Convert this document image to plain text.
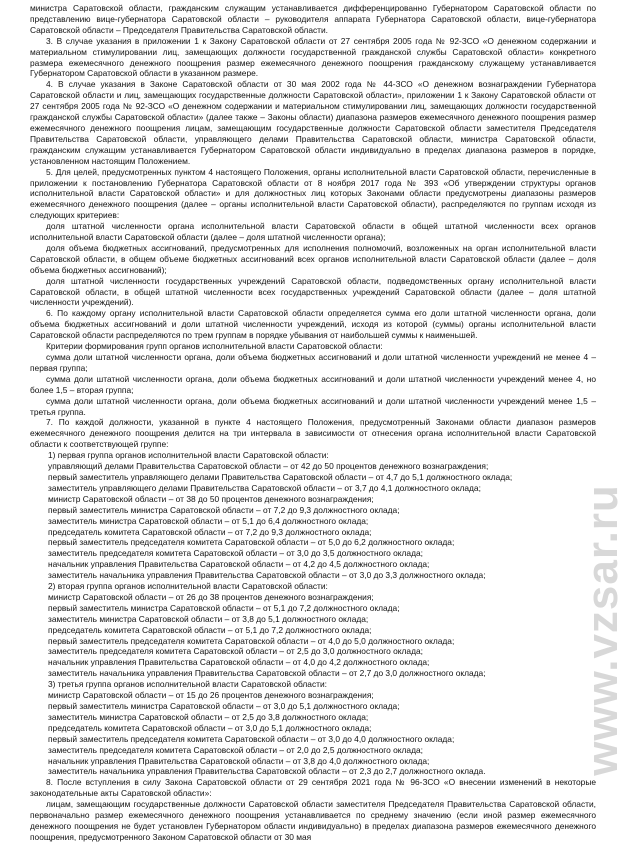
министра Саратовской области, гражданским служащим устанавливается дифференцированно Губернатором Саратовской области по представлению вице-губернатора Саратовской области – руководителя аппарата Губернатора Саратовской области, вице-губернатора Саратовской области – Председателя Правительства Саратовской области.

3. В случае указания в приложении 1 к Закону Саратовской области от 27 сентября 2005 года № 92-ЗСО «О денежном содержании и материальном стимулировании лиц, замещающих должности государственной гражданской службы Саратовской области» конкретного размера ежемесячного денежного поощрения размер ежемесячного денежного поощрения гражданскому служащему устанавливается Губернатором Саратовской области в указанном размере.

4. В случае указания в Законе Саратовской области от 30 мая 2002 года № 44-ЗСО «О денежном вознаграждении Губернатора Саратовской области и лиц, замещающих государственные должности Саратовской области», приложении 1 к Закону Саратовской области от 27 сентября 2005 года № 92-ЗСО «О денежном содержании и материальном стимулировании лиц, замещающих должности государственной гражданской службы Саратовской области» (далее также – Законы области) диапазона размеров ежемесячного денежного поощрения размер ежемесячного денежного поощрения лицам, замещающим государственные должности Саратовской области заместителя Председателя Правительства Саратовской области, управляющего делами Правительства Саратовской области, министра Саратовской области, гражданским служащим устанавливается Губернатором Саратовской области индивидуально в пределах диапазона размеров в порядке, установленном настоящим Положением.

5. Для целей, предусмотренных пунктом 4 настоящего Положения, органы исполнительной власти Саратовской области, перечисленные в приложении к постановлению Губернатора Саратовской области от 8 ноября 2017 года № 393 «Об утверждении структуры органов исполнительной власти Саратовской области» и для должностных лиц которых Законами области предусмотрены диапазоны размеров ежемесячного денежного поощрения (далее – органы исполнительной власти Саратовской области), распределяются по группам исходя из следующих критериев:

доля штатной численности органа исполнительной власти Саратовской области в общей штатной численности всех органов исполнительной власти Саратовской области (далее – доля штатной численности органа);

доля объема бюджетных ассигнований, предусмотренных для исполнения полномочий, возложенных на орган исполнительной власти Саратовской области, в общем объеме бюджетных ассигнований всех органов исполнительной власти Саратовской области (далее – доля объема бюджетных ассигнований);

доля штатной численности государственных учреждений Саратовской области, подведомственных органу исполнительной власти Саратовской области, в общей штатной численности всех государственных учреждений Саратовской области (далее – доля штатной численности учреждений).

6. По каждому органу исполнительной власти Саратовской области определяется сумма его доли штатной численности органа, доли объема бюджетных ассигнований и доли штатной численности учреждений, исходя из которой (суммы) органы исполнительной власти Саратовской области распределяются по трем группам в порядке убывания от наибольшей суммы к наименьшей.

Критерии формирования групп органов исполнительной власти Саратовской области:

сумма доли штатной численности органа, доли объема бюджетных ассигнований и доли штатной численности учреждений не менее 4 – первая группа;

сумма доли штатной численности органа, доли объема бюджетных ассигнований и доли штатной численности учреждений менее 4, но более 1,5 – вторая группа;

сумма доли штатной численности органа, доли объема бюджетных ассигнований и доли штатной численности учреждений менее 1,5 – третья группа.

7. По каждой должности, указанной в пункте 4 настоящего Положения, предусмотренный Законами области диапазон размеров ежемесячного денежного поощрения делится на три интервала в зависимости от отнесения органа исполнительной власти Саратовской области к соответствующей группе:

1) первая группа органов исполнительной власти Саратовской области:

управляющий делами Правительства Саратовской области – от 42 до 50 процентов денежного вознаграждения;

первый заместитель управляющего делами Правительства Саратовской области – от 4,7 до 5,1 должностного оклада;

заместитель управляющего делами Правительства Саратовской области – от 3,7 до 4,1 должностного оклада;

министр Саратовской области – от 38 до 50 процентов денежного вознаграждения;

первый заместитель министра Саратовской области – от 7,2 до 9,3 должностного оклада;

заместитель министра Саратовской области – от 5,1 до 6,4 должностного оклада;

председатель комитета Саратовской области – от 7,2 до 9,3 должностного оклада;

первый заместитель председателя комитета Саратовской области – от 5,0 до 6,2 должностного оклада;

заместитель председателя комитета Саратовской области – от 3,0 до 3,5 должностного оклада;

начальник управления Правительства Саратовской области – от 4,2 до 4,5 должностного оклада;

заместитель начальника управления Правительства Саратовской области – от 3,0 до 3,3 должностного оклада;

2) вторая группа органов исполнительной власти Саратовской области:

министр Саратовской области – от 26 до 38 процентов денежного вознаграждения;

первый заместитель министра Саратовской области – от 5,1 до 7,2 должностного оклада;

заместитель министра Саратовской области – от 3,8 до 5,1 должностного оклада;

председатель комитета Саратовской области – от 5,1 до 7,2 должностного оклада;

первый заместитель председателя комитета Саратовской области – от 4,0 до 5,0 должностного оклада;

заместитель председателя комитета Саратовской области – от 2,5 до 3,0 должностного оклада;

начальник управления Правительства Саратовской области – от 4,0 до 4,2 должностного оклада;

заместитель начальника управления Правительства Саратовской области – от 2,7 до 3,0 должностного оклада;

3) третья группа органов исполнительной власти Саратовской области:

министр Саратовской области – от 15 до 26 процентов денежного вознаграждения;

первый заместитель министра Саратовской области – от 3,0 до 5,1 должностного оклада;

заместитель министра Саратовской области – от 2,5 до 3,8 должностного оклада;

председатель комитета Саратовской области – от 3,0 до 5,1 должностного оклада;

первый заместитель председателя комитета Саратовской области – от 3,0 до 4,0 должностного оклада;

заместитель председателя комитета Саратовской области – от 2,0 до 2,5 должностного оклада;

начальник управления Правительства Саратовской области – от 3,8 до 4,0 должностного оклада;

заместитель начальника управления Правительства Саратовской области – от 2,3 до 2,7 должностного оклада.

8. После вступления в силу Закона Саратовской области от 29 сентября 2021 года № 96-ЗСО «О внесении изменений в некоторые законодательные акты Саратовской области»:

лицам, замещающим государственные должности Саратовской области заместителя Председателя Правительства Саратовской области, первоначально размер ежемесячного денежного поощрения устанавливается по среднему значению (если иной размер ежемесячного денежного поощрения не будет установлен Губернатором области индивидуально) в пределах диапазона размеров ежемесячного денежного поощрения, предусмотренного Законом Саратовской области от 30 мая

www.vzsar.ru
